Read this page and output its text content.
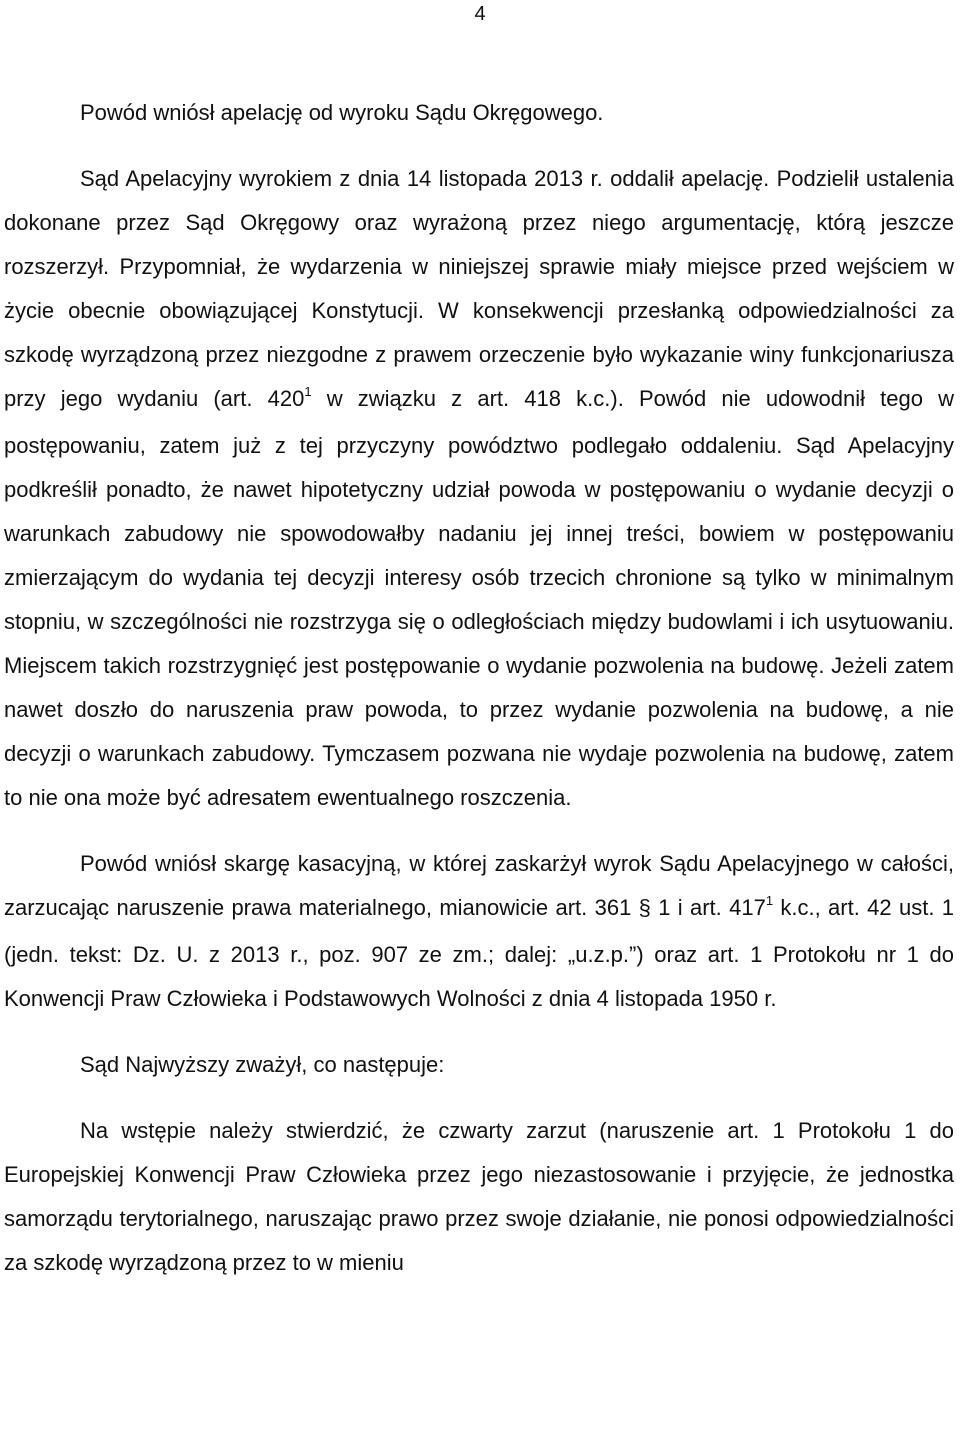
4

Powód wniósł apelację od wyroku Sądu Okręgowego.

Sąd Apelacyjny wyrokiem z dnia 14 listopada 2013 r. oddalił apelację. Podzielił ustalenia dokonane przez Sąd Okręgowy oraz wyrażoną przez niego argumentację, którą jeszcze rozszerzył. Przypomniał, że wydarzenia w niniejszej sprawie miały miejsce przed wejściem w życie obecnie obowiązującej Konstytucji. W konsekwencji przesłanką odpowiedzialności za szkodę wyrządzoną przez niezgodne z prawem orzeczenie było wykazanie winy funkcjonariusza przy jego wydaniu (art. $420^1$ w związku z art. 418 k.c.). Powód nie udowodnił tego w postępowaniu, zatem już z tej przyczyny powództwo podlegało oddaleniu. Sąd Apelacyjny podkreślił ponadto, że nawet hipotetyczny udział powoda w postępowaniu o wydanie decyzji o warunkach zabudowy nie spowodowałby nadaniu jej innej treści, bowiem w postępowaniu zmierzającym do wydania tej decyzji interesy osób trzecich chronione są tylko w minimalnym stopniu, w szczególności nie rozstrzyga się o odległościach między budowlami i ich usytuowaniu. Miejscem takich rozstrzygnięć jest postępowanie o wydanie pozwolenia na budowę. Jeżeli zatem nawet doszło do naruszenia praw powoda, to przez wydanie pozwolenia na budowę, a nie decyzji o warunkach zabudowy. Tymczasem pozwana nie wydaje pozwolenia na budowę, zatem to nie ona może być adresatem ewentualnego roszczenia.

Powód wniósł skargę kasacyjną, w której zaskarżył wyrok Sądu Apelacyjnego w całości, zarzucając naruszenie prawa materialnego, mianowicie art. 361 § 1 i art. $417^1$ k.c., art. 42 ust. 1 (jedn. tekst: Dz. U. z 2013 r., poz. 907 ze zm.; dalej: „u.z.p.”) oraz art. 1 Protokołu nr 1 do Konwencji Praw Człowieka i Podstawowych Wolności z dnia 4 listopada 1950 r.

Sąd Najwyższy zważył, co następuje:

Na wstępie należy stwierdzić, że czwarty zarzut (naruszenie art. 1 Protokołu 1 do Europejskiej Konwencji Praw Człowieka przez jego niezastosowanie i przyjęcie, że jednostka samorządu terytorialnego, naruszając prawo przez swoje działanie, nie ponosi odpowiedzialności za szkodę wyrządzoną przez to w mieniu
